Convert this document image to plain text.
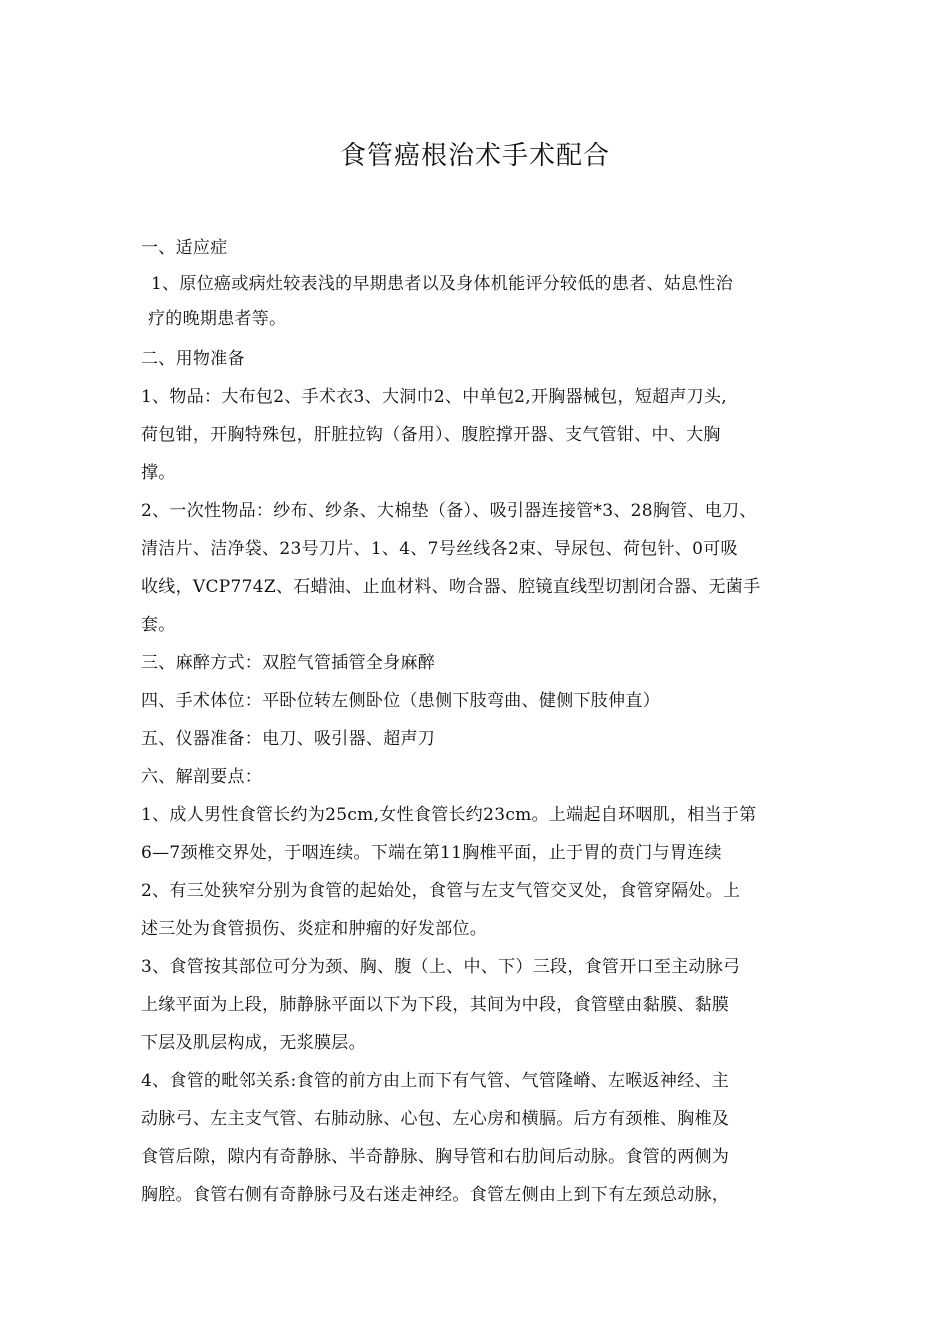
食管癌根治术手术配合
一、适应症
1、原位癌或病灶较表浅的早期患者以及身体机能评分较低的患者、姑息性治
疗的晚期患者等。
二、用物准备
1、物品：大布包2、手术衣3、大洞巾2、中单包2,开胸器械包，短超声刀头,
荷包钳，开胸特殊包，肝脏拉钩（备用）、腹腔撑开器、支气管钳、中、大胸
撑。
2、一次性物品：纱布、纱条、大棉垫（备）、吸引器连接管*3、28胸管、电刀、
清洁片、洁净袋、23号刀片、1、4、7号丝线各2束、导尿包、荷包针、0可吸
收线，VCP774Z、石蜡油、止血材料、吻合器、腔镜直线型切割闭合器、无菌手
套。
三、麻醉方式：双腔气管插管全身麻醉
四、手术体位：平卧位转左侧卧位（患侧下肢弯曲、健侧下肢伸直）
五、仪器准备：电刀、吸引器、超声刀
六、解剖要点：
1、成人男性食管长约为25cm,女性食管长约23cm。上端起自环咽肌，相当于第
6—7颈椎交界处，于咽连续。下端在第11胸椎平面，止于胃的贲门与胃连续
2、有三处狭窄分别为食管的起始处，食管与左支气管交叉处，食管穿隔处。上
述三处为食管损伤、炎症和肿瘤的好发部位。
3、食管按其部位可分为颈、胸、腹（上、中、下）三段，食管开口至主动脉弓
上缘平面为上段，肺静脉平面以下为下段，其间为中段，食管壁由黏膜、黏膜
下层及肌层构成，无浆膜层。
4、食管的毗邻关系:食管的前方由上而下有气管、气管隆嵴、左喉返神经、主
动脉弓、左主支气管、右肺动脉、心包、左心房和横膈。后方有颈椎、胸椎及
食管后隙，隙内有奇静脉、半奇静脉、胸导管和右肋间后动脉。食管的两侧为
胸腔。食管右侧有奇静脉弓及右迷走神经。食管左侧由上到下有左颈总动脉，
